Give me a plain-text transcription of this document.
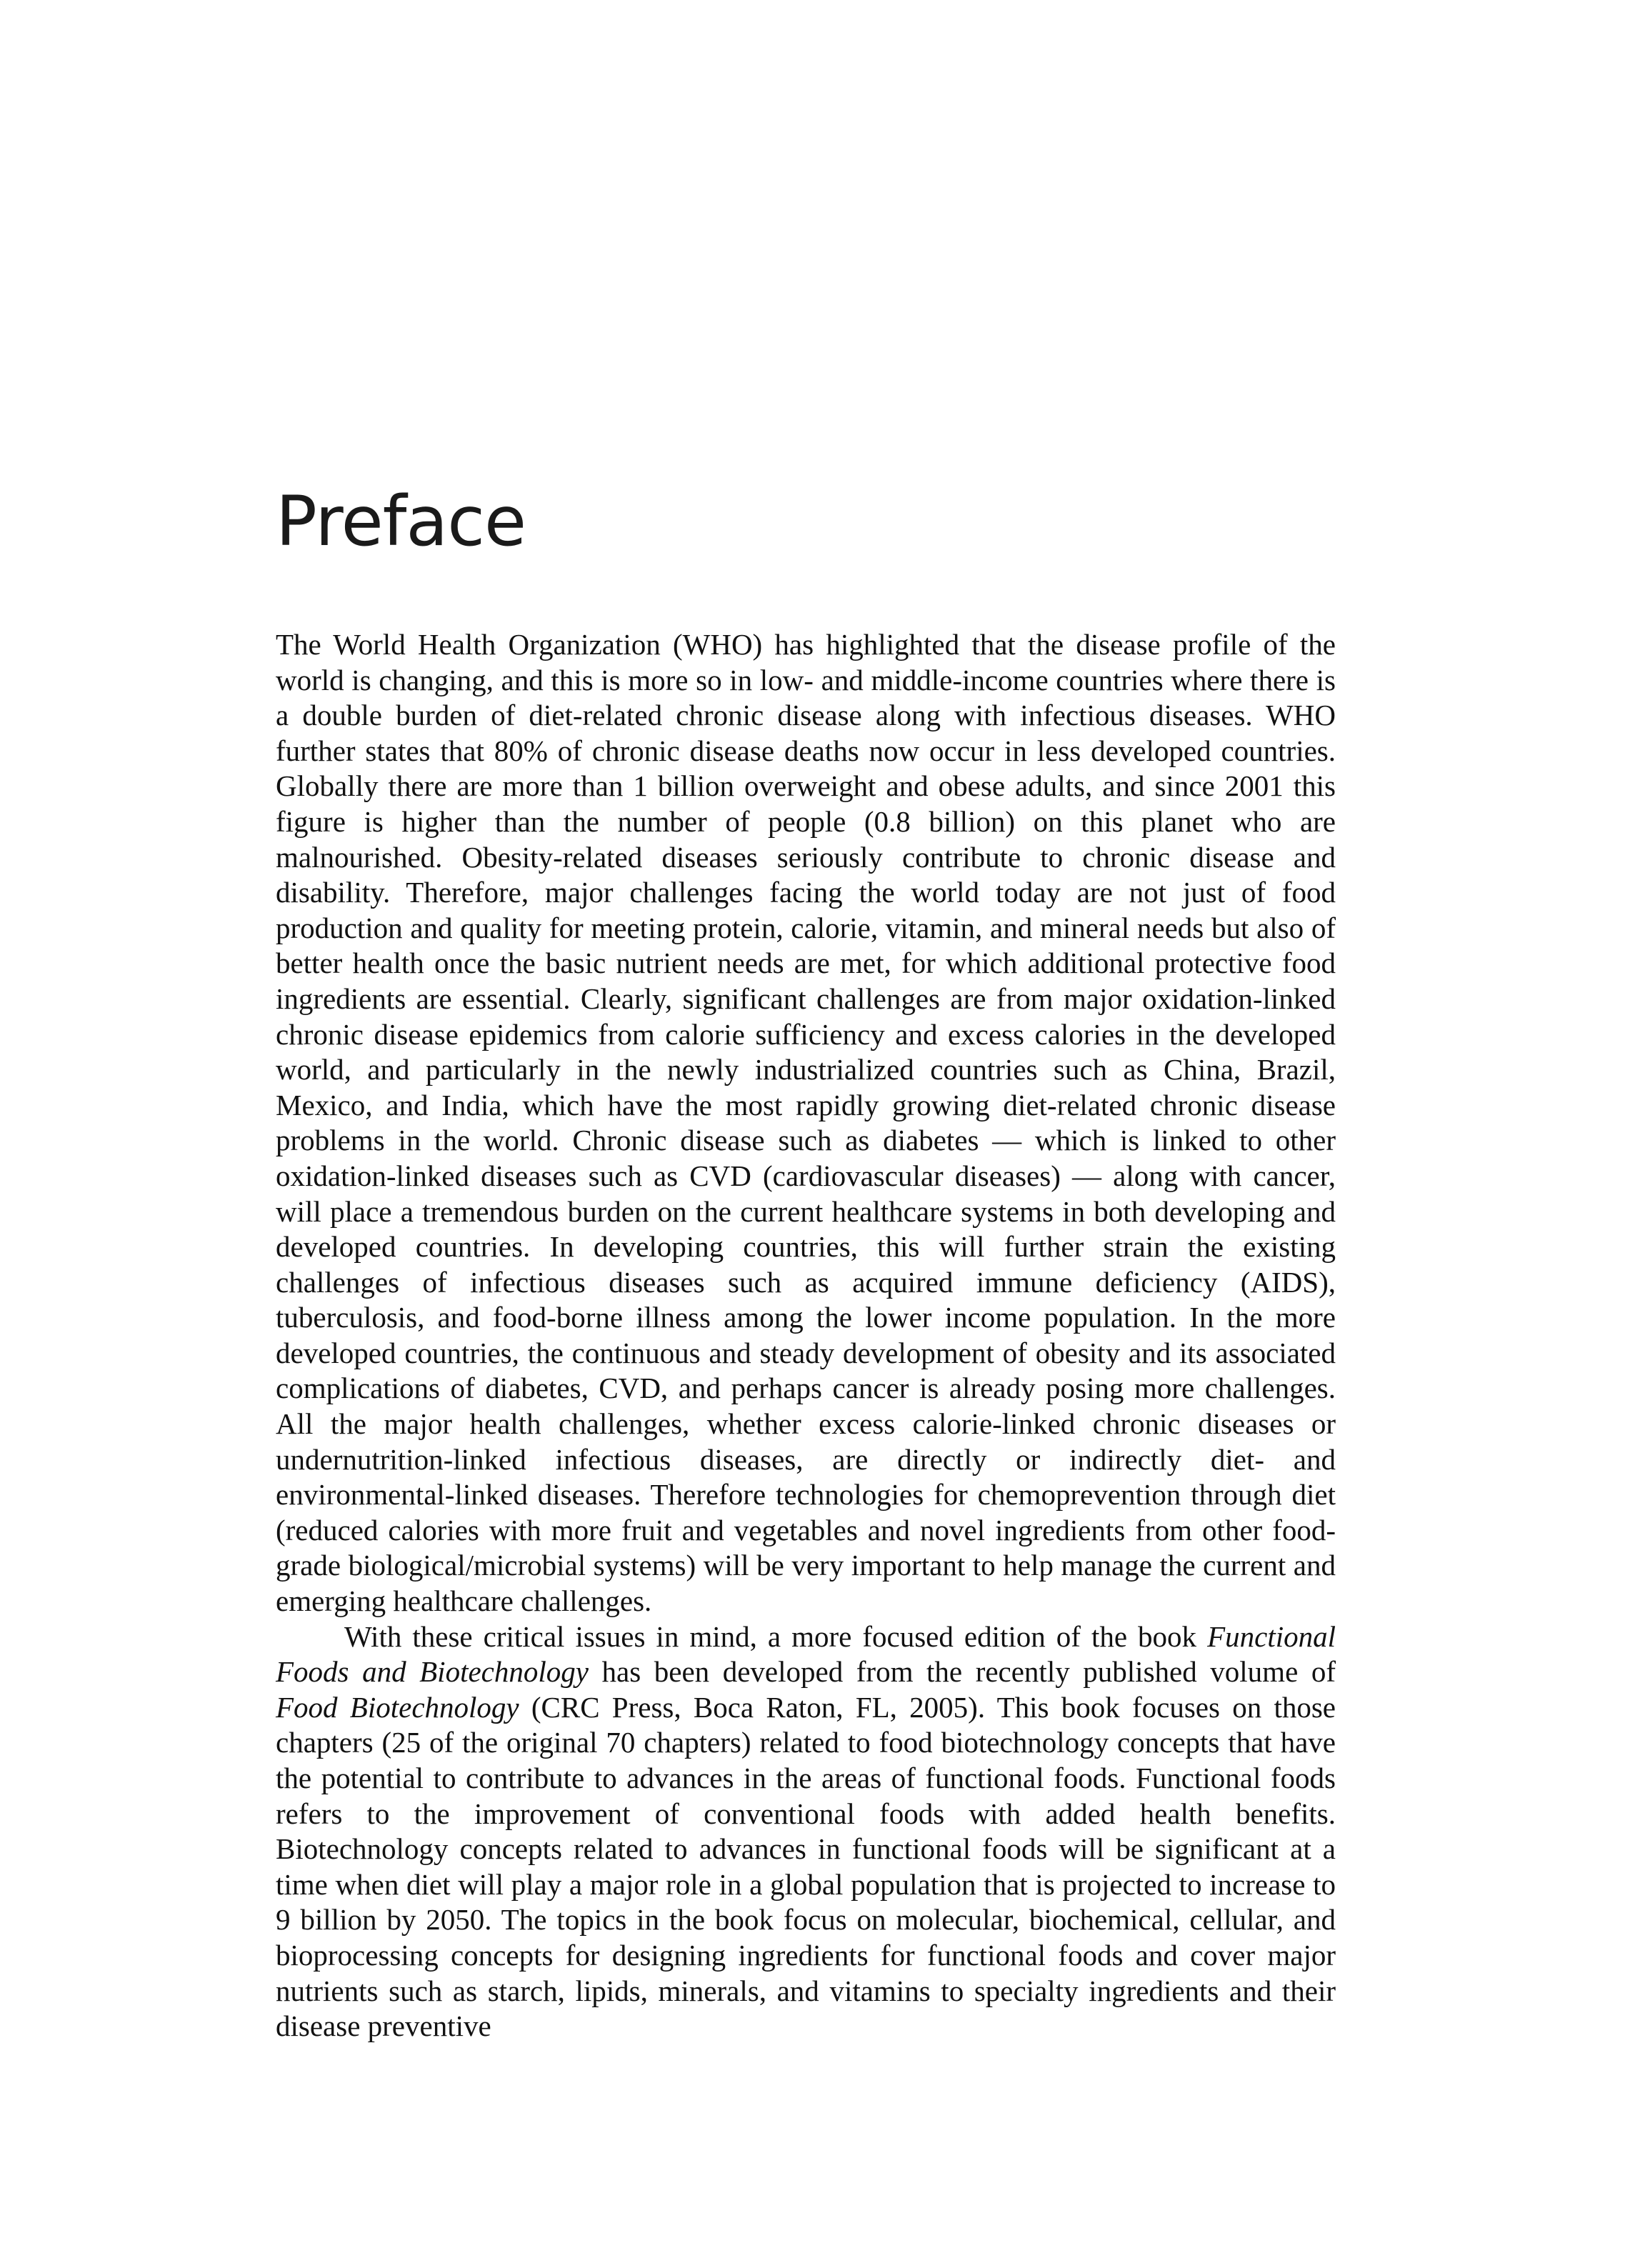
Preface

The World Health Organization (WHO) has highlighted that the disease profile of the world is changing, and this is more so in low- and middle-income countries where there is a double burden of diet-related chronic disease along with infectious diseases. WHO further states that 80% of chronic disease deaths now occur in less developed countries. Globally there are more than 1 billion overweight and obese adults, and since 2001 this figure is higher than the number of people (0.8 billion) on this planet who are malnourished. Obesity-related diseases seriously contribute to chronic disease and disability. Therefore, major challenges facing the world today are not just of food production and quality for meeting protein, calorie, vitamin, and mineral needs but also of better health once the basic nutrient needs are met, for which additional protective food ingredients are essential. Clearly, significant challenges are from major oxidation-linked chronic disease epidemics from calorie sufficiency and excess calories in the developed world, and particularly in the newly industrialized countries such as China, Brazil, Mexico, and India, which have the most rapidly growing diet-related chronic disease problems in the world. Chronic disease such as diabetes — which is linked to other oxidation-linked diseases such as CVD (cardiovascular diseases) — along with cancer, will place a tremendous burden on the current healthcare systems in both developing and developed countries. In developing countries, this will further strain the existing challenges of infectious diseases such as acquired immune deficiency (AIDS), tuberculosis, and food-borne illness among the lower income population. In the more developed countries, the continuous and steady development of obesity and its associated complications of diabetes, CVD, and perhaps cancer is already posing more challenges. All the major health challenges, whether excess calorie-linked chronic diseases or undernutrition-linked infectious diseases, are directly or indirectly diet- and environmental-linked diseases. Therefore technologies for chemoprevention through diet (reduced calories with more fruit and vegetables and novel ingredients from other food-grade biological/microbial systems) will be very important to help manage the current and emerging healthcare challenges.

With these critical issues in mind, a more focused edition of the book Functional Foods and Biotechnology has been developed from the recently published volume of Food Biotechnology (CRC Press, Boca Raton, FL, 2005). This book focuses on those chapters (25 of the original 70 chapters) related to food biotechnology concepts that have the potential to contribute to advances in the areas of functional foods. Functional foods refers to the improvement of conventional foods with added health benefits. Biotechnology concepts related to advances in functional foods will be significant at a time when diet will play a major role in a global population that is projected to increase to 9 billion by 2050. The topics in the book focus on molecular, biochemical, cellular, and bioprocessing concepts for designing ingredients for functional foods and cover major nutrients such as starch, lipids, minerals, and vitamins to specialty ingredients and their disease preventive
